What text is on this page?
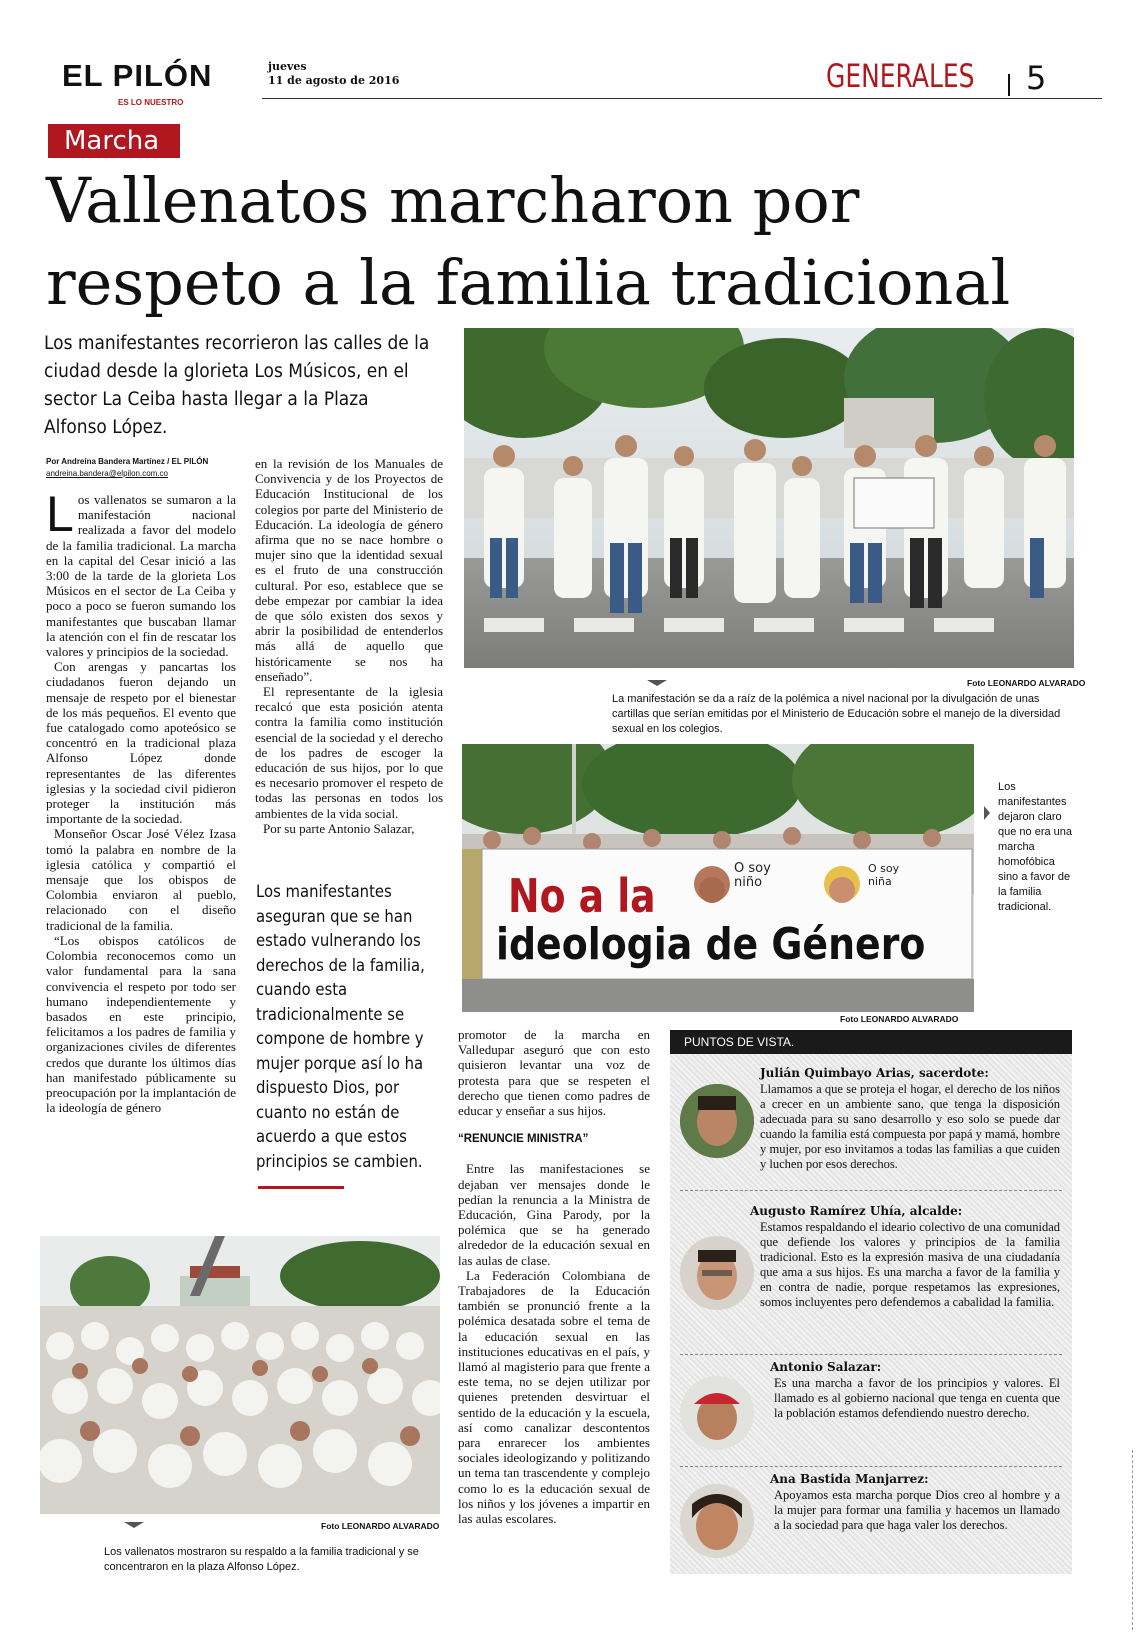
EL PILÓN
ES LO NUESTRO
jueves
11 de agosto de 2016	GENERALES 5
Marcha
Vallenatos marcharon por respeto a la familia tradicional
Los manifestantes recorrieron las calles de la ciudad desde la glorieta Los Músicos, en el sector La Ceiba hasta llegar a la Plaza Alfonso López.
Por Andreína Bandera Martínez / EL PILÓN
andreina.bandera@elpilon.com.co

Los vallenatos se sumaron a la manifestación nacional realizada a favor del modelo de la familia tradicional. La marcha en la capital del Cesar inició a las 3:00 de la tarde de la glorieta Los Músicos en el sector de La Ceiba y poco a poco se fueron sumando los manifestantes que buscaban llamar la atención con el fin de rescatar los valores y principios de la sociedad.

Con arengas y pancartas los ciudadanos fueron dejando un mensaje de respeto por el bienestar de los más pequeños. El evento que fue catalogado como apoteósico se concentró en la tradicional plaza Alfonso López donde representantes de las diferentes iglesias y la sociedad civil pidieron proteger la institución más importante de la sociedad.

Monseñor Oscar José Vélez Izasa tomó la palabra en nombre de la iglesia católica y compartió el mensaje que los obispos de Colombia enviaron al pueblo, relacionado con el diseño tradicional de la familia.

“Los obispos católicos de Colombia reconocemos como un valor fundamental para la sana convivencia el respeto por todo ser humano independientemente y basados en este principio, felicitamos a los padres de familia y organizaciones civiles de diferentes credos que durante los últimos días han manifestado públicamente su preocupación por la implantación de la ideología de género

en la revisión de los Manuales de Convivencia y de los Proyectos de Educación Institucional de los colegios por parte del Ministerio de Educación. La ideología de género afirma que no se nace hombre o mujer sino que la identidad sexual es el fruto de una construcción cultural. Por eso, establece que se debe empezar por cambiar la idea de que sólo existen dos sexos y abrir la posibilidad de entenderlos más allá de aquello que históricamente se nos ha enseñado”.

El representante de la iglesia recalcó que esta posición atenta contra la familia como institución esencial de la sociedad y el derecho de los padres de escoger la educación de sus hijos, por lo que es necesario promover el respeto de todas las personas en todos los ambientes de la vida social.

Por su parte Antonio Salazar,

Los manifestantes aseguran que se han estado vulnerando los derechos de la familia, cuando esta tradicionalmente se compone de hombre y mujer porque así lo ha dispuesto Dios, por cuanto no están de acuerdo a que estos principios se cambien.
Foto LEONARDO ALVARADO
La manifestación se da a raíz de la polémica a nivel nacional por la divulgación de unas cartillas que serían emitidas por el Ministerio de Educación sobre el manejo de la diversidad sexual en los colegios.
No a la
ideologia de Género
O soy niño
O soy niña
Foto LEONARDO ALVARADO
Los manifestantes dejaron claro que no era una marcha homofóbica sino a favor de la familia tradicional.

promotor de la marcha en Valledupar aseguró que con esto quisieron levantar una voz de protesta para que se respeten el derecho que tienen como padres de educar y enseñar a sus hijos.

“RENUNCIE MINISTRA”

Entre las manifestaciones se dejaban ver mensajes donde le pedían la renuncia a la Ministra de Educación, Gina Parody, por la polémica que se ha generado alrededor de la educación sexual en las aulas de clase.

La Federación Colombiana de Trabajadores de la Educación también se pronunció frente a la polémica desatada sobre el tema de la educación sexual en las instituciones educativas en el país, y llamó al magisterio para que frente a este tema, no se dejen utilizar por quienes pretenden desvirtuar el sentido de la educación y la escuela, así como canalizar descontentos para enrarecer los ambientes sociales ideologizando y politizando un tema tan trascendente y complejo como lo es la educación sexual de los niños y los jóvenes a impartir en las aulas escolares.

Foto LEONARDO ALVARADO
Los vallenatos mostraron su respaldo a la familia tradicional y se concentraron en la plaza Alfonso López.
PUNTOS DE VISTA.
Julián Quimbayo Arias, sacerdote:
Llamamos a que se proteja el hogar, el derecho de los niños a crecer en un ambiente sano, que tenga la disposición adecuada para su sano desarrollo y eso solo se puede dar cuando la familia está compuesta por papá y mamá, hombre y mujer, por eso invitamos a todas las familias a que cuiden y luchen por esos derechos.
Augusto Ramírez Uhía, alcalde:
Estamos respaldando el ideario colectivo de una comunidad que defiende los valores y principios de la familia tradicional. Esto es la expresión masiva de una ciudadanía que ama a sus hijos. Es una marcha a favor de la familia y en contra de nadie, porque respetamos las expresiones, somos incluyentes pero defendemos a cabalidad la familia.
Antonio Salazar:
Es una marcha a favor de los principios y valores. El llamado es al gobierno nacional que tenga en cuenta que la población estamos defendiendo nuestro derecho.
Ana Bastida Manjarrez:
Apoyamos esta marcha porque Dios creo al hombre y a la mujer para formar una familia y hacemos un llamado a la sociedad para que haga valer los derechos.
